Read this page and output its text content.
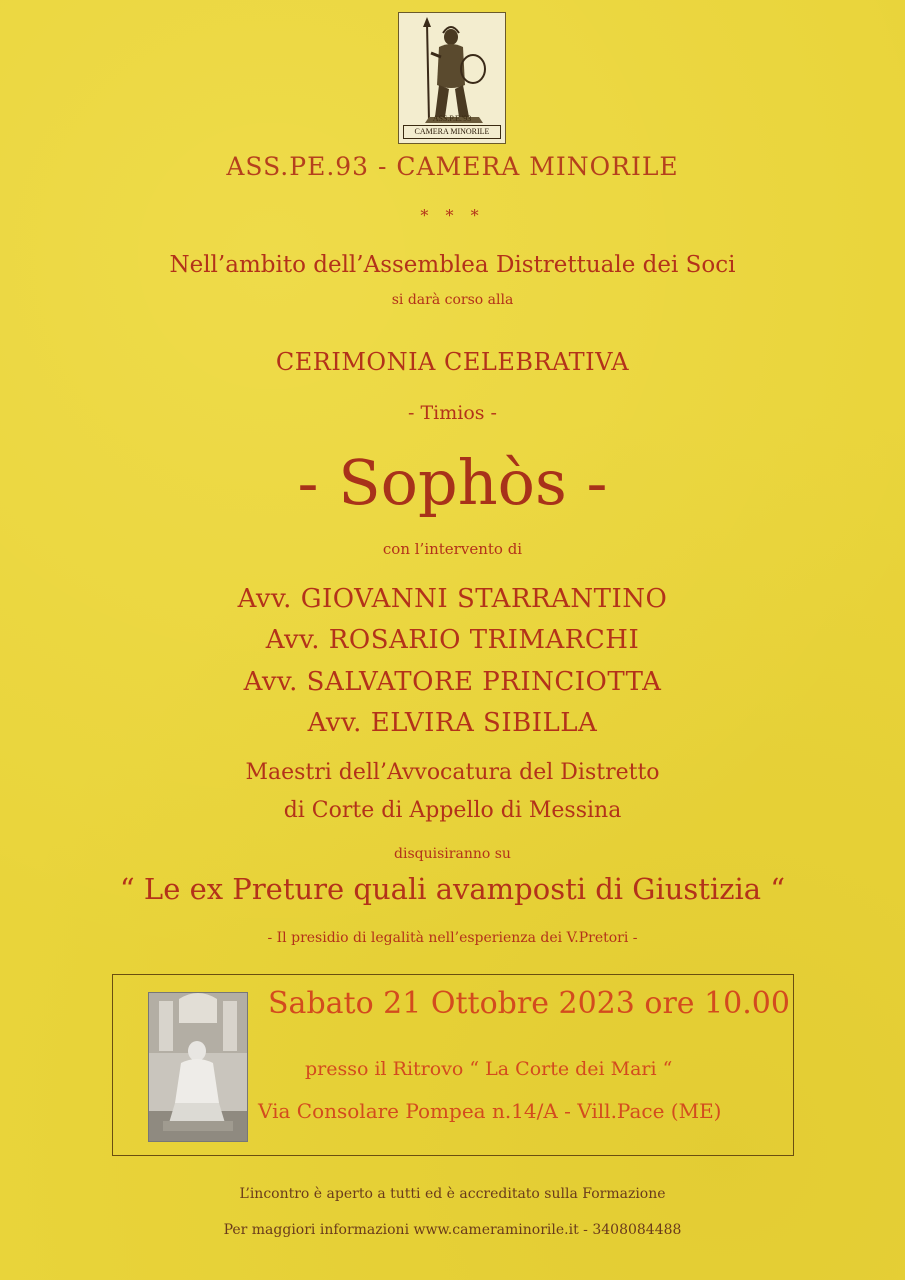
ASS.P.E.'93
CAMERA MINORILE
ASS.PE.93 - CAMERA MINORILE
* * *
Nell’ambito dell’Assemblea Distrettuale dei Soci
si darà corso alla
CERIMONIA CELEBRATIVA
- Timios -
- Sophòs -
con l’intervento di
Avv. GIOVANNI STARRANTINO
Avv. ROSARIO TRIMARCHI
Avv. SALVATORE PRINCIOTTA
Avv. ELVIRA SIBILLA
Maestri dell’Avvocatura del Distretto
di Corte di Appello di Messina
disquisiranno su
“ Le ex Preture quali avamposti di Giustizia “
- Il presidio di legalità nell’esperienza dei V.Pretori -
Sabato 21 Ottobre 2023 ore 10.00
presso il Ritrovo “ La Corte dei Mari “
Via Consolare Pompea n.14/A - Vill.Pace (ME)
L’incontro è aperto a tutti ed è accreditato sulla Formazione
Per maggiori informazioni www.cameraminorile.it - 3408084488
